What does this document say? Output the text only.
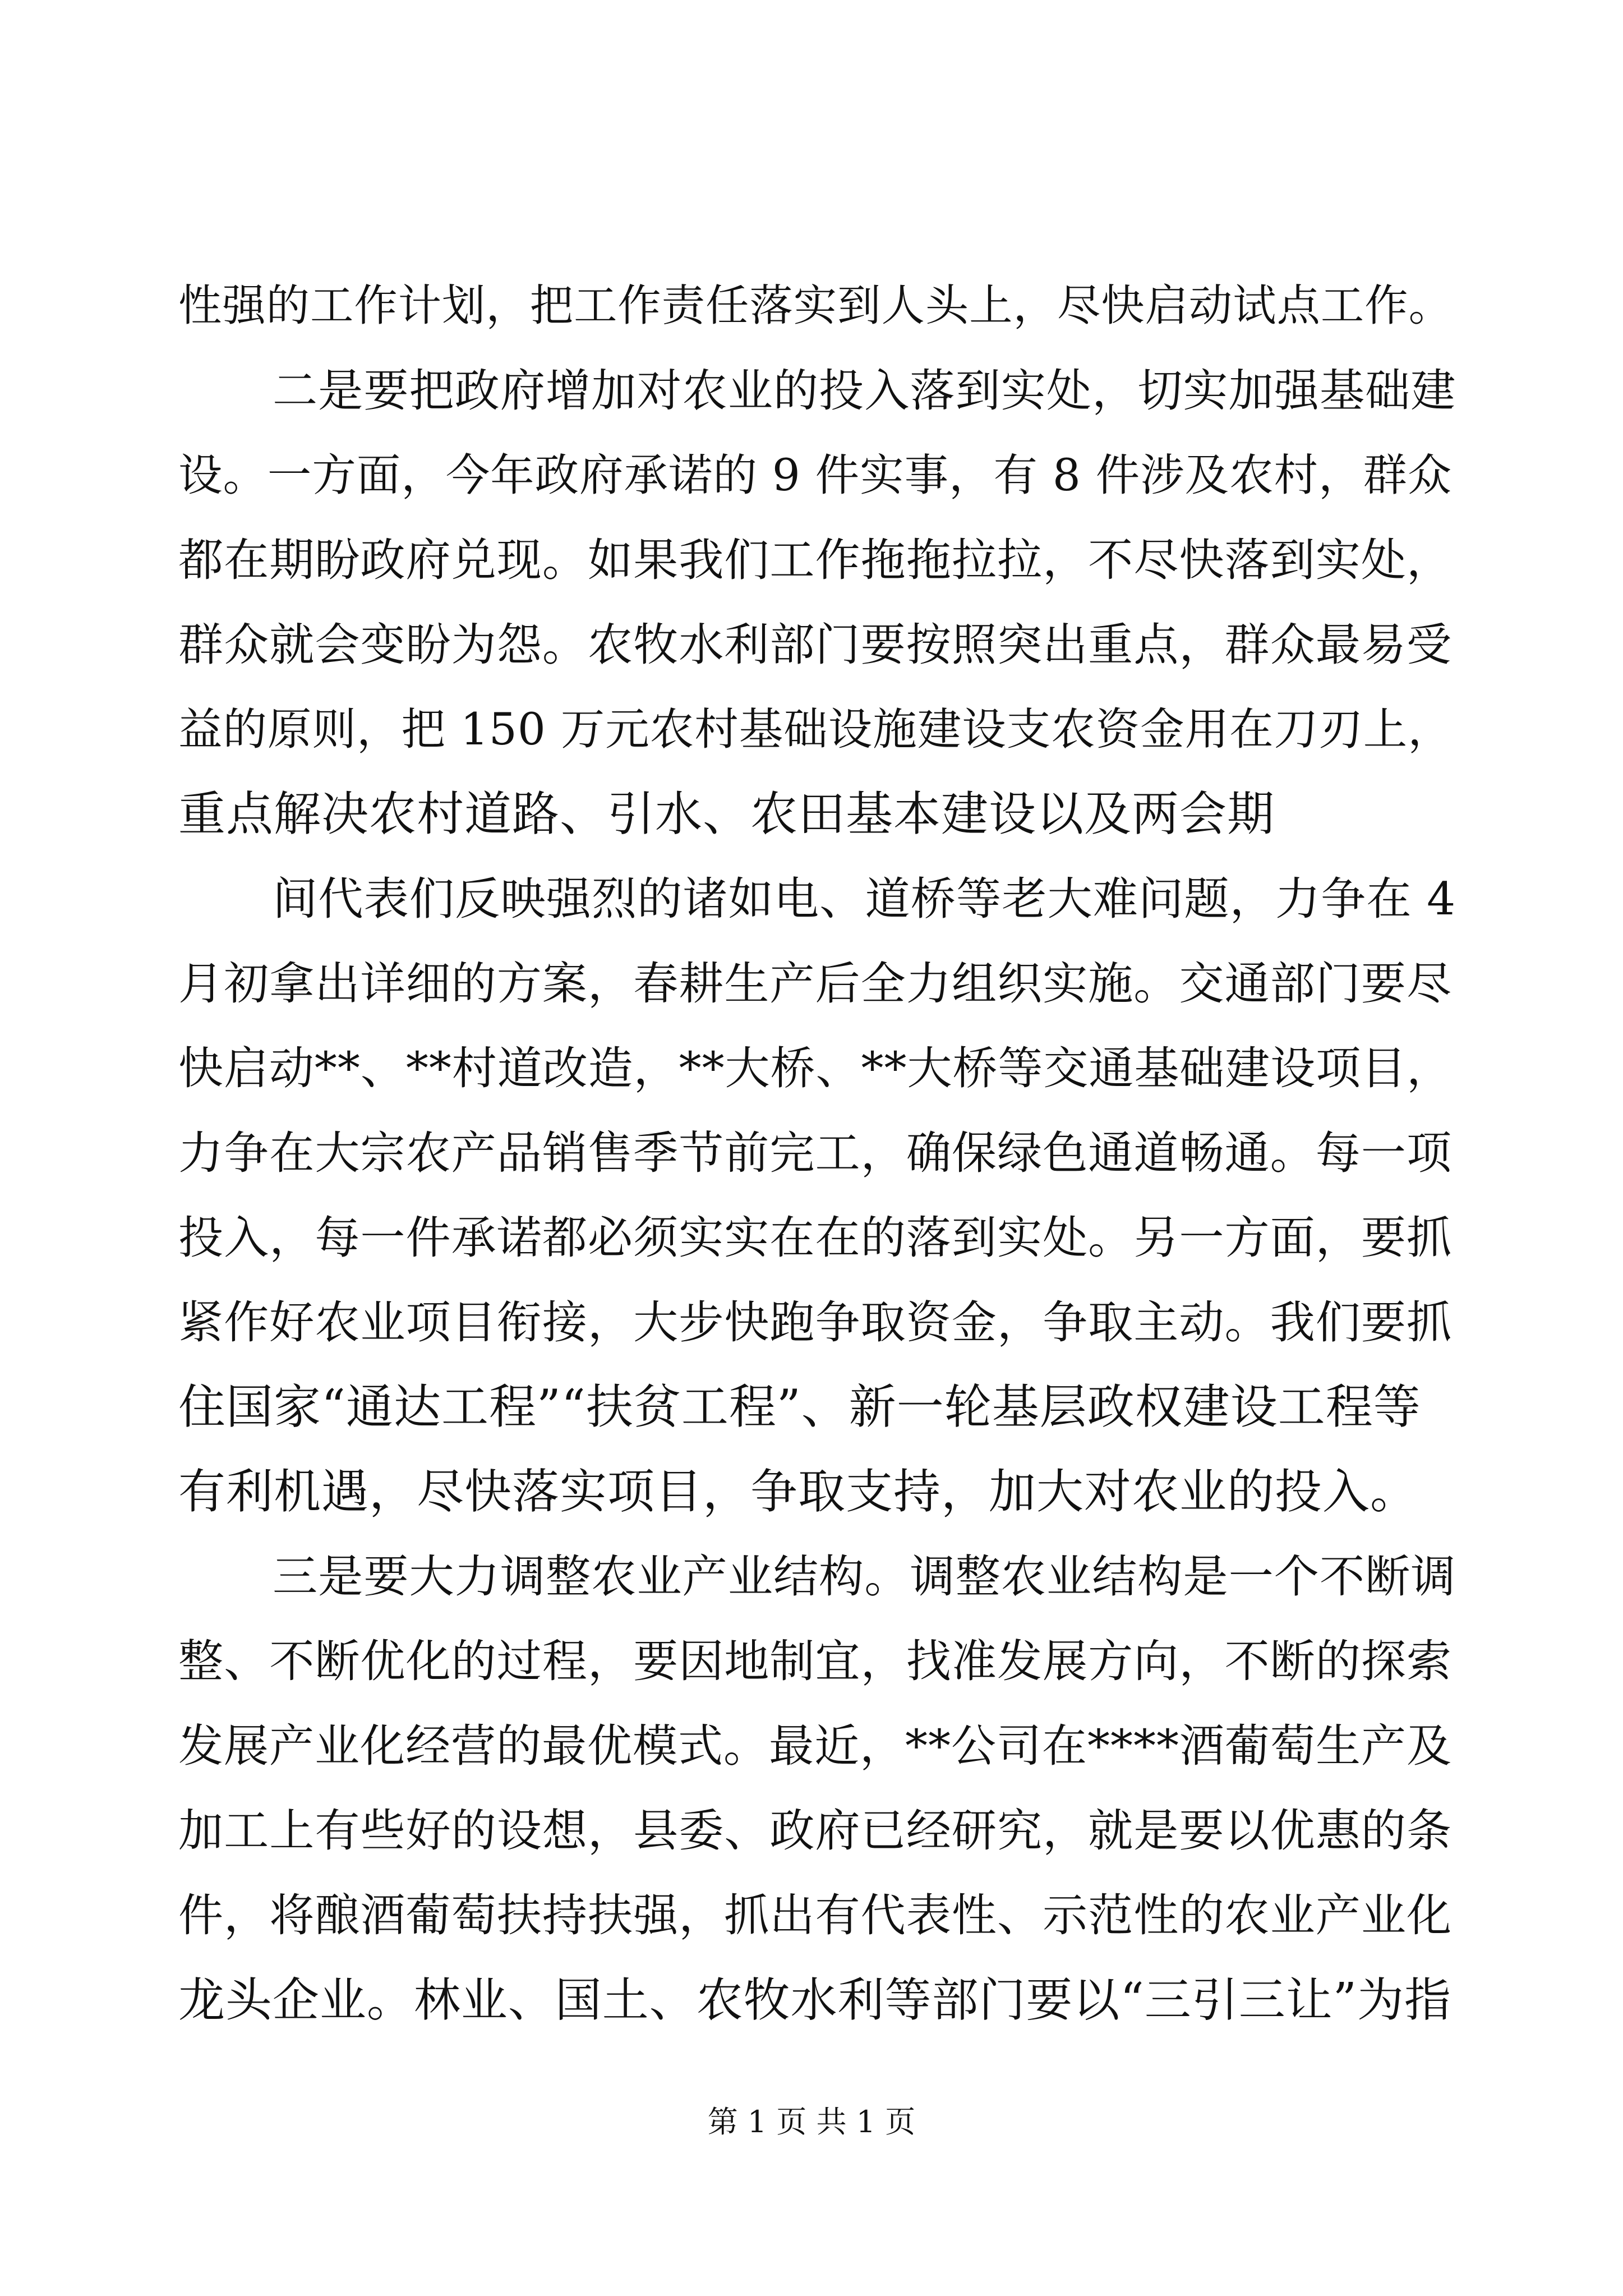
性强的工作计划，把工作责任落实到人头上，尽快启动试点工作。
二是要把政府增加对农业的投入落到实处，切实加强基础建
设。一方面，今年政府承诺的 9 件实事，有 8 件涉及农村，群众
都在期盼政府兑现。如果我们工作拖拖拉拉，不尽快落到实处，
群众就会变盼为怨。农牧水利部门要按照突出重点，群众最易受
益的原则，把 150 万元农村基础设施建设支农资金用在刀刃上，
重点解决农村道路、引水、农田基本建设以及两会期
间代表们反映强烈的诸如电、道桥等老大难问题，力争在 4
月初拿出详细的方案，春耕生产后全力组织实施。交通部门要尽
快启动**、**村道改造，**大桥、**大桥等交通基础建设项目，
力争在大宗农产品销售季节前完工，确保绿色通道畅通。每一项
投入，每一件承诺都必须实实在在的落到实处。另一方面，要抓
紧作好农业项目衔接，大步快跑争取资金，争取主动。我们要抓
住国家“通达工程”“扶贫工程”、新一轮基层政权建设工程等
有利机遇，尽快落实项目，争取支持，加大对农业的投入。
三是要大力调整农业产业结构。调整农业结构是一个不断调
整、不断优化的过程，要因地制宜，找准发展方向，不断的探索
发展产业化经营的最优模式。最近，**公司在****酒葡萄生产及
加工上有些好的设想，县委、政府已经研究，就是要以优惠的条
件，将酿酒葡萄扶持扶强，抓出有代表性、示范性的农业产业化
龙头企业。林业、国土、农牧水利等部门要以“三引三让”为指
第 1 页 共 1 页
